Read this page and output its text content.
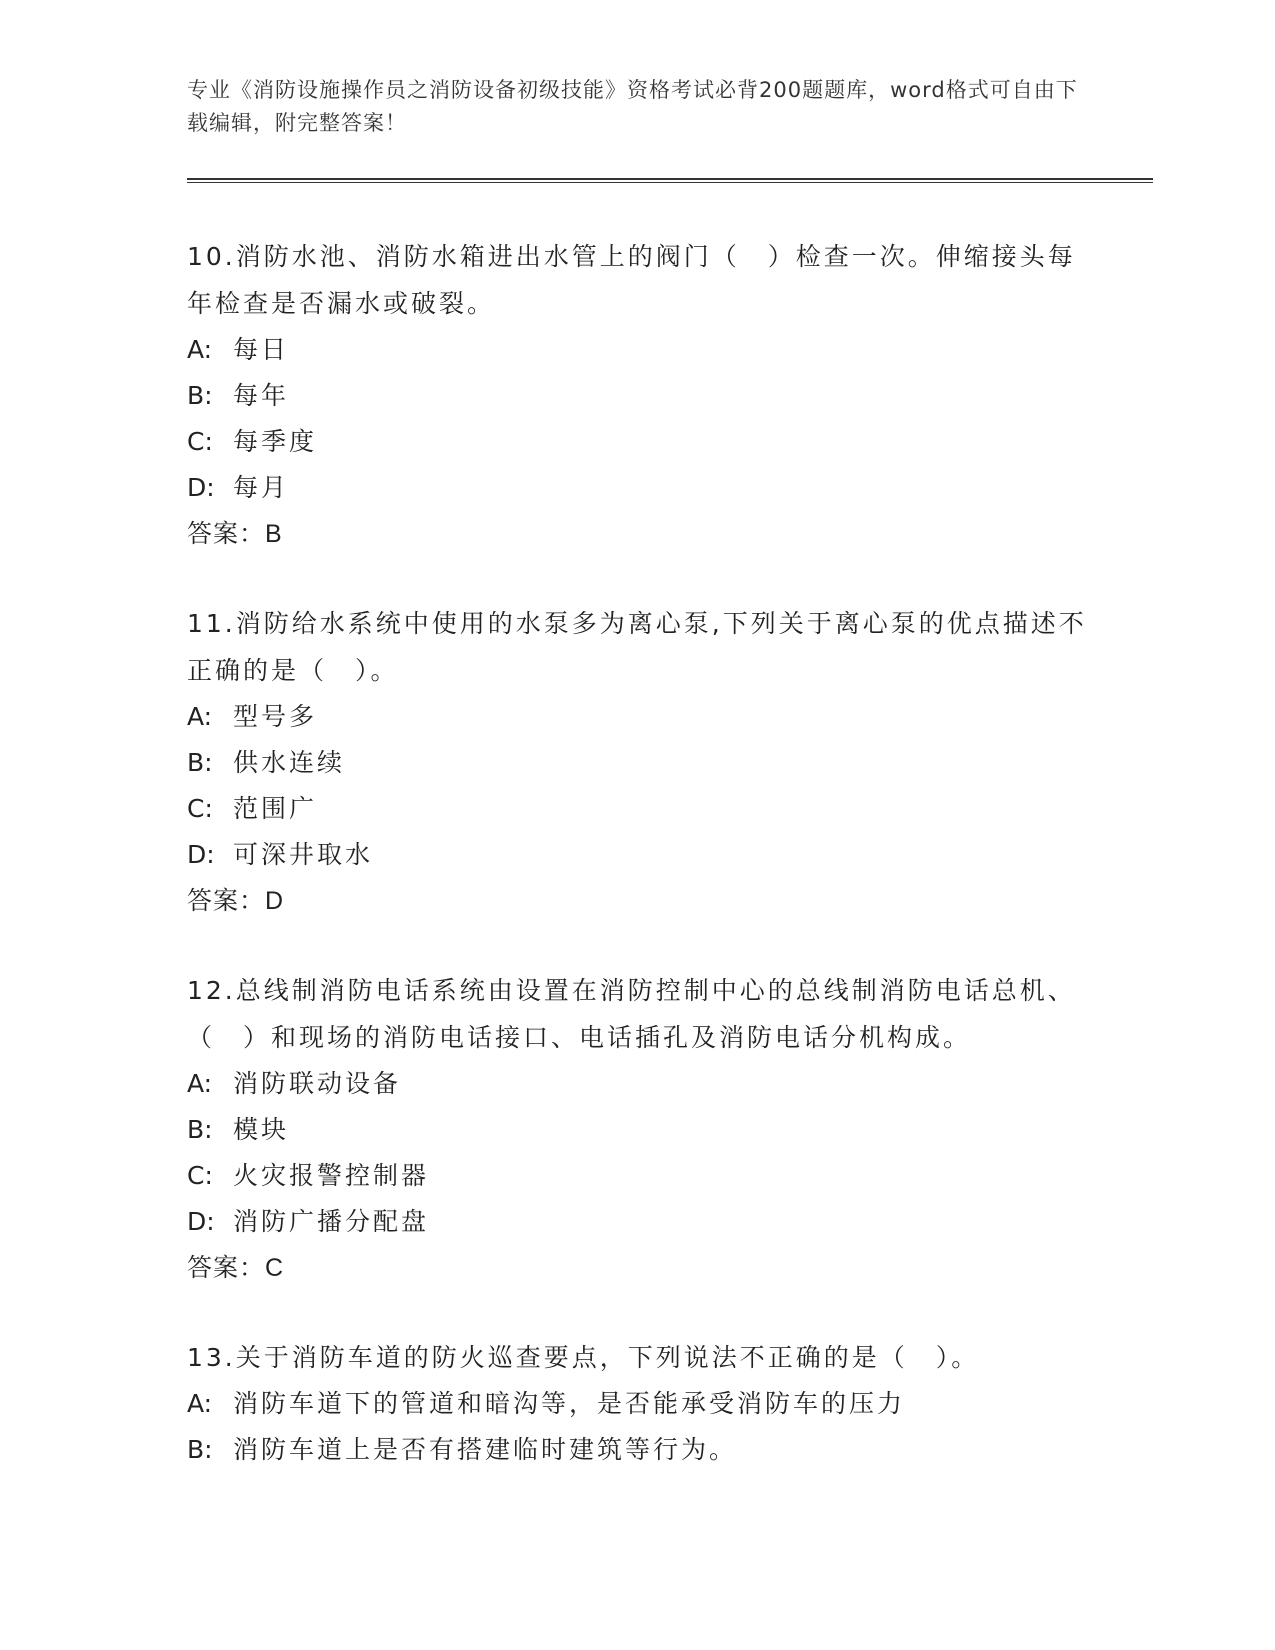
专业《消防设施操作员之消防设备初级技能》资格考试必背200题题库，word格式可自由下载编辑，附完整答案！

10.消防水池、消防水箱进出水管上的阀门（　）检查一次。伸缩接头每年检查是否漏水或破裂。

A: 每日

B: 每年

C: 每季度

D: 每月

答案：B

11.消防给水系统中使用的水泵多为离心泵,下列关于离心泵的优点描述不正确的是（　）。

A: 型号多

B: 供水连续

C: 范围广

D: 可深井取水

答案：D

12.总线制消防电话系统由设置在消防控制中心的总线制消防电话总机、（　）和现场的消防电话接口、电话插孔及消防电话分机构成。

A: 消防联动设备

B: 模块

C: 火灾报警控制器

D: 消防广播分配盘

答案：C

13.关于消防车道的防火巡查要点，下列说法不正确的是（　）。

A: 消防车道下的管道和暗沟等，是否能承受消防车的压力

B: 消防车道上是否有搭建临时建筑等行为。
